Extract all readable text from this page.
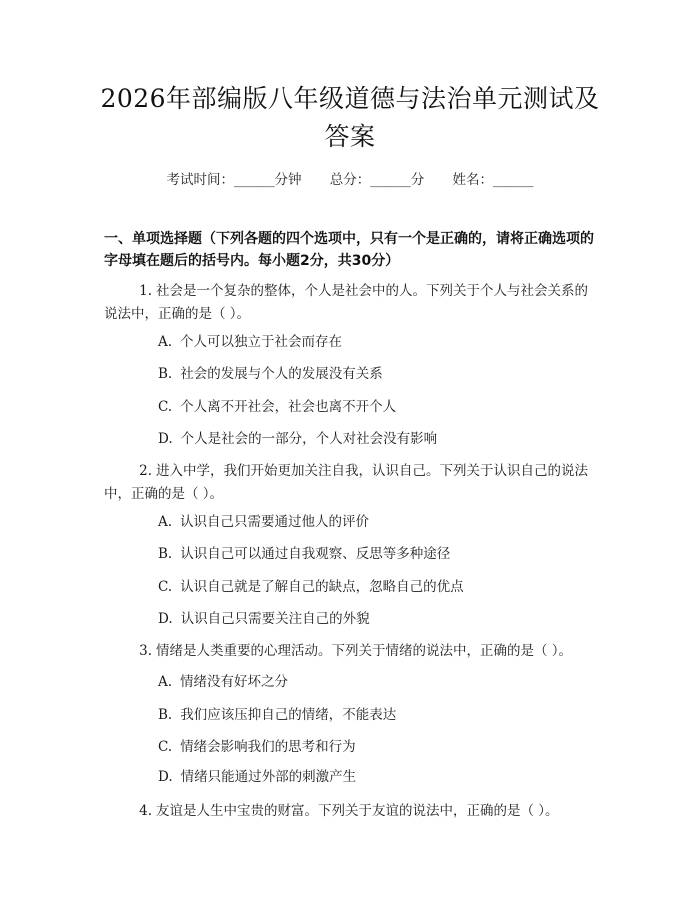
2026年部编版八年级道德与法治单元测试及
答案
考试时间：______分钟 总分：______分 姓名：______
一、单项选择题（下列各题的四个选项中，只有一个是正确的，请将正确选项的
字母填在题后的括号内。每小题2分，共30分）
1. 社会是一个复杂的整体，个人是社会中的人。下列关于个人与社会关系的
说法中，正确的是（ ）。
A. 个人可以独立于社会而存在
B. 社会的发展与个人的发展没有关系
C. 个人离不开社会，社会也离不开个人
D. 个人是社会的一部分，个人对社会没有影响
2. 进入中学，我们开始更加关注自我，认识自己。下列关于认识自己的说法
中，正确的是（ ）。
A. 认识自己只需要通过他人的评价
B. 认识自己可以通过自我观察、反思等多种途径
C. 认识自己就是了解自己的缺点，忽略自己的优点
D. 认识自己只需要关注自己的外貌
3. 情绪是人类重要的心理活动。下列关于情绪的说法中，正确的是（ ）。
A. 情绪没有好坏之分
B. 我们应该压抑自己的情绪，不能表达
C. 情绪会影响我们的思考和行为
D. 情绪只能通过外部的刺激产生
4. 友谊是人生中宝贵的财富。下列关于友谊的说法中，正确的是（ ）。
